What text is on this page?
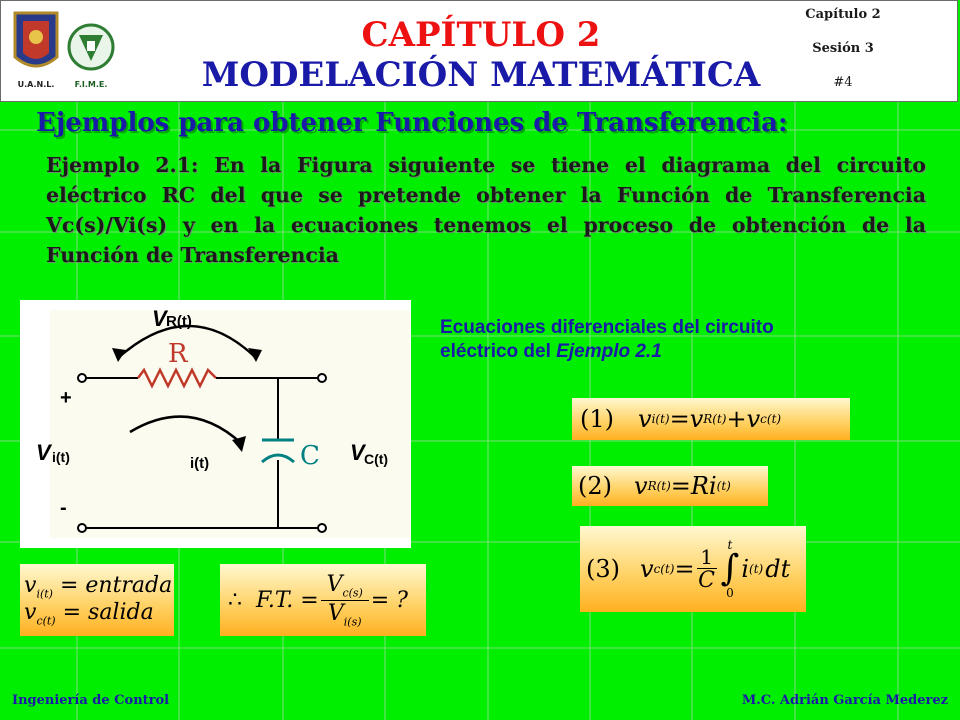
U.A.N.L.	F.I.M.E.
CAPÍTULO 2
MODELACIÓN MATEMÁTICA
Capítulo 2
Sesión 3
#4
Ejemplos para obtener Funciones de Transferencia:
Ejemplo 2.1: En la Figura siguiente se tiene el diagrama del circuito eléctrico RC del que se pretende obtener la Función de Transferencia Vc(s)/Vi(s) y en la ecuaciones tenemos el proceso de obtención de la Función de Transferencia
V R(t)
R
C
+
-
V i(t)	V C(t)
i(t)
Ecuaciones diferenciales del circuito
eléctrico del Ejemplo 2.1
(1) v i(t) = v R(t) + v c(t)
(2) v R(t) = Ri (t)
(3) v c(t) = 1
C
t
∫
0
i (t) dt
$v_{i(t)}$ = entrada
$v_{c(t)}$ = salida	∴ F.T. =
$V_{c(s)}$
$V_{i(s)}$
= ?
Ingeniería de Control	M.C. Adrián García Mederez
